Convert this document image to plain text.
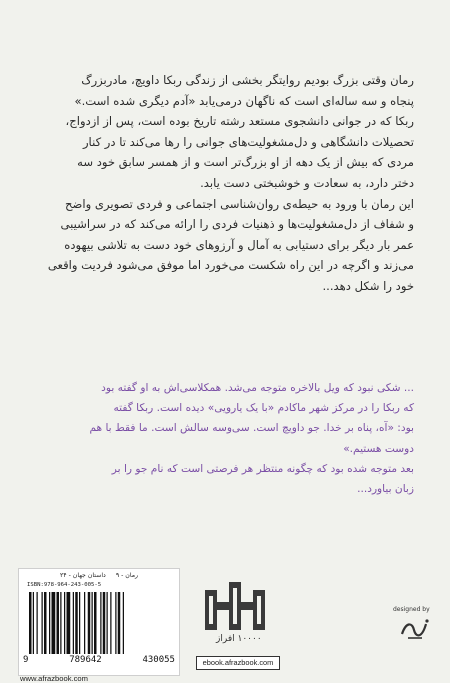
رمان وقتی بزرگ بودیم روایتگر بخشی از زندگی ربکا داویچ، مادربزرگ

پنجاه و سه ساله‌ای است که ناگهان درمی‌یابد «آدم دیگری شده است.»

ربکا که در جوانی دانشجوی مستعد رشته تاریخ بوده است، پس از ازدواج،

تحصیلات دانشگاهی و دل‌مشغولیت‌های جوانی را رها می‌کند تا در کنار

مردی که بیش از یک دهه از او بزرگ‌تر است و از همسر سابق خود سه

دختر دارد، به سعادت و خوشبختی دست یابد.

این رمان با ورود به حیطه‌ی روان‌شناسی اجتماعی و فردی تصویری واضح

و شفاف از دل‌مشغولیت‌ها و ذهنیات فردی را ارائه می‌کند که در سراشیبی

عمر بار دیگر برای دستیابی به آمال و آرزوهای خود دست به تلاشی بیهوده

می‌زند و اگرچه در این راه شکست می‌خورد اما موفق می‌شود فردیت واقعی

خود را شکل دهد...

... شکی نبود که ویل بالاخره متوجه می‌شد. همکلاسی‌اش به او گفته بود

که ربکا را در مرکز شهر ماکادم «با یک یارویی» دیده است. ربکا گفته

بود: «آه، پناه بر خدا. جو داویچ است. سی‌وسه سالش است. ما فقط با هم

دوست هستیم.»

بعد متوجه شده بود که چگونه منتظر هر فرصتی است که نام جو را بر

زبان بیاورد...

رمان - ۹
داستان جهان - ۲۴
ISBN:978-964-243-005-5
9	789642	430055
www.afrazbook.com
۱۰۰۰۰ افراز
ebook.afrazbook.com
designed by
